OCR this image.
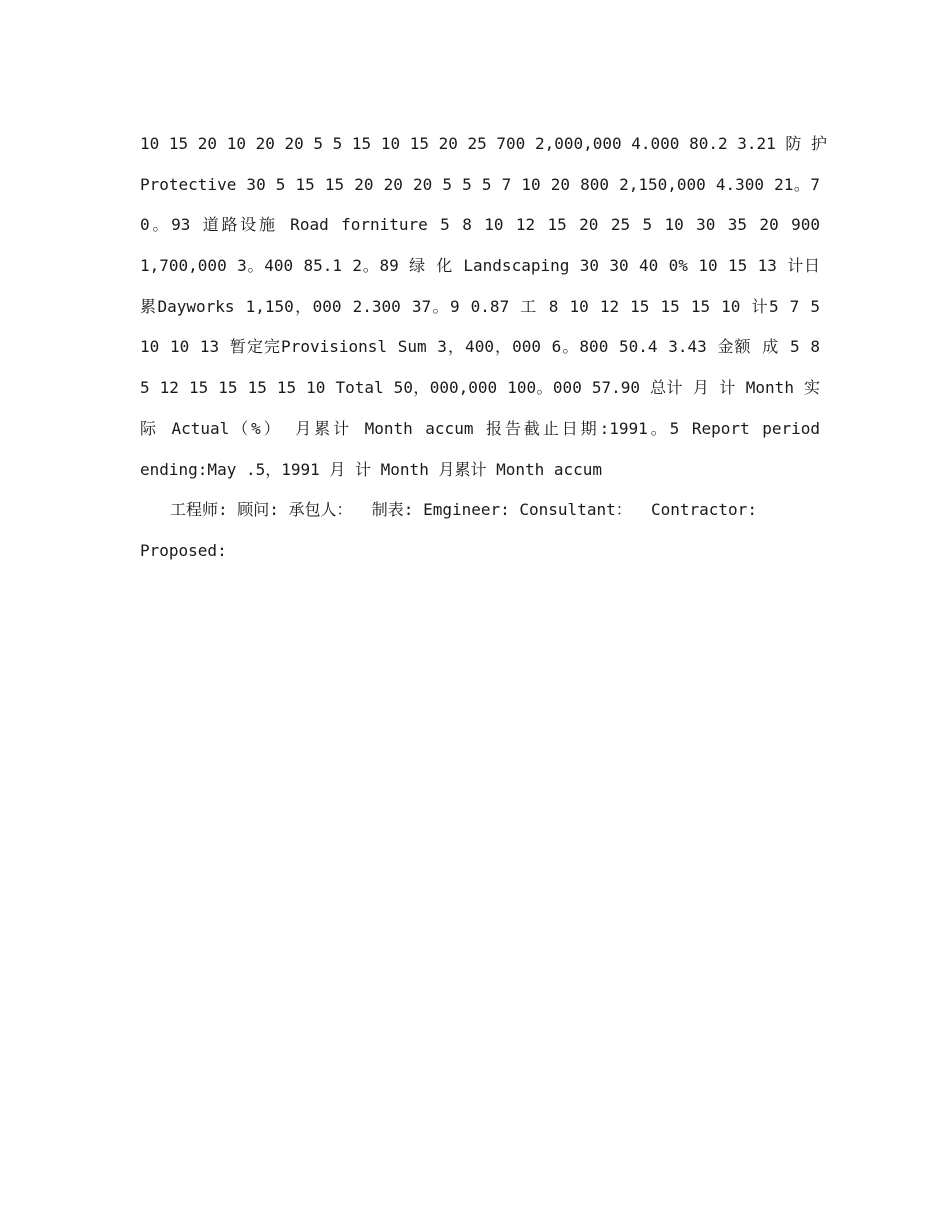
10 15 20 10 20 20 5 5 15 10 15 20 25 700 2,000,000 4.000 80.2 3.21 防 护
Protective 30 5 15 15 20 20 20 5 5 5 7 10 20 800 2,150,000 4.300 21。7
0。93 道路设施 Road forniture 5 8 10 12 15 20 25 5 10 30 35 20 900
1,700,000 3。400 85.1 2。89 绿 化 Landscaping 30 30 40 0% 10 15 13 计日
累Dayworks 1,150，000 2.300 37。9 0.87 工 8 10 12 15 15 15 10 计5 7 5
10 10 13 暂定完Provisionsl Sum 3，400，000 6。800 50.4 3.43 金额 成 5 8
5 12 15 15 15 15 10 Total 50，000,000 100。000 57.90 总计 月 计 Month 实
际 Actual（%） 月累计 Month accum 报告截止日期:1991。5 Report period
ending:May .5，1991 月 计 Month 月累计 Month accum
工程师: 顾问: 承包人：  制表: Emgineer: Consultant：  Contractor:
Proposed:
